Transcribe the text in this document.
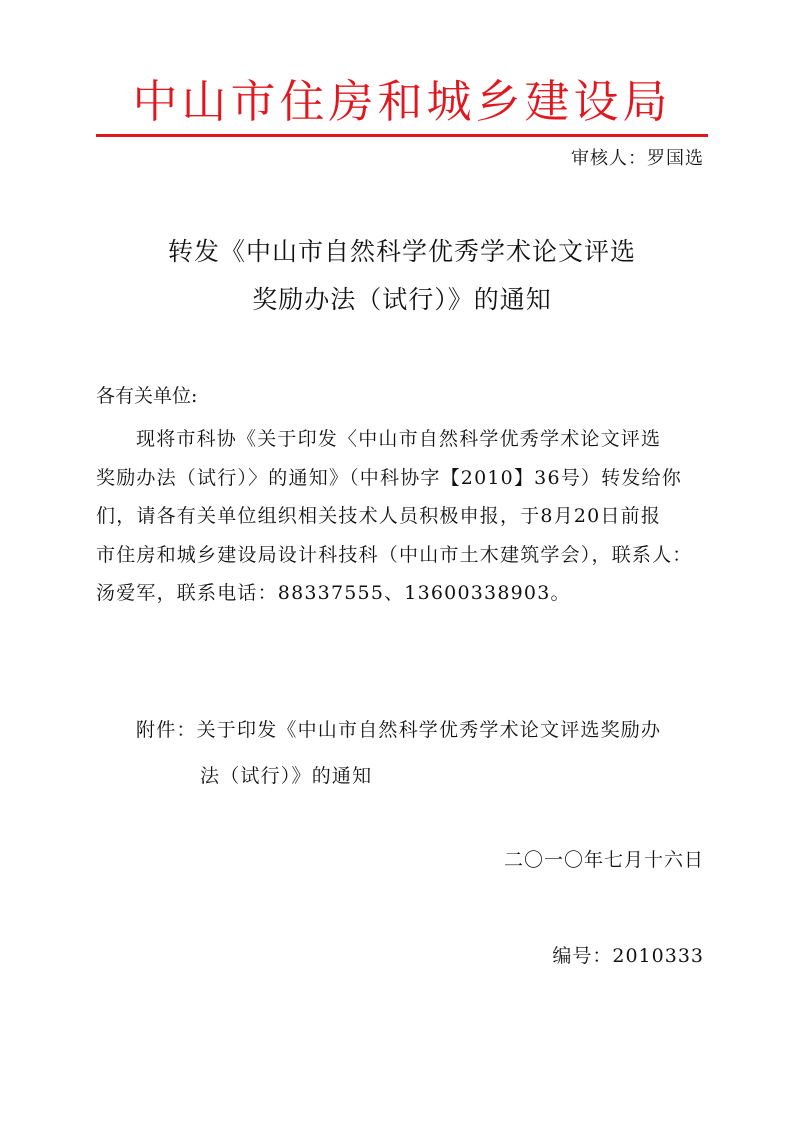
中山市住房和城乡建设局
审核人：罗国选
转发《中山市自然科学优秀学术论文评选
奖励办法（试行）》的通知
各有关单位:
现将市科协《关于印发〈中山市自然科学优秀学术论文评选
奖励办法（试行）〉的通知》（中科协字【2010】36号）转发给你
们，请各有关单位组织相关技术人员积极申报，于8月20日前报
市住房和城乡建设局设计科技科（中山市土木建筑学会），联系人：
汤爱军，联系电话：88337555、13600338903。
附件：关于印发《中山市自然科学优秀学术论文评选奖励办
法（试行）》的通知
二〇一〇年七月十六日
编号：2010333
